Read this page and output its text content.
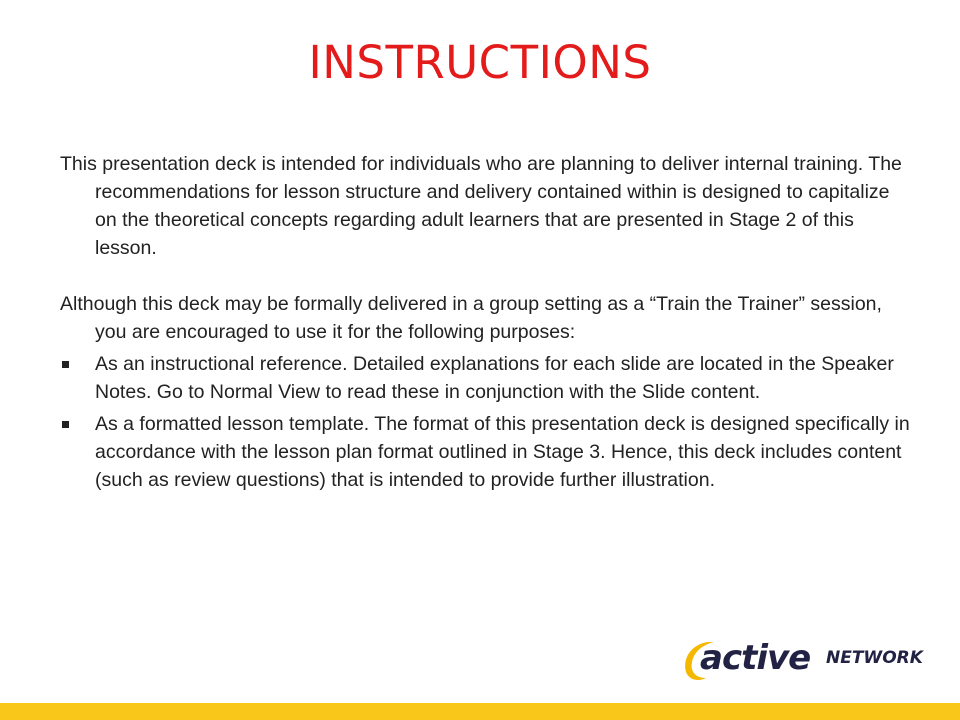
INSTRUCTIONS

This presentation deck is intended for individuals who are planning to deliver internal training. The recommendations for lesson structure and delivery contained within is designed to capitalize on the theoretical concepts regarding adult learners that are presented in Stage 2 of this lesson.

Although this deck may be formally delivered in a group setting as a “Train the Trainer” session, you are encouraged to use it for the following purposes:

As an instructional reference. Detailed explanations for each slide are located in the Speaker Notes. Go to Normal View to read these in conjunction with the Slide content.
As a formatted lesson template. The format of this presentation deck is designed specifically in accordance with the lesson plan format outlined in Stage 3. Hence, this deck includes content (such as review questions) that is intended to provide further illustration.
active NETWORK
